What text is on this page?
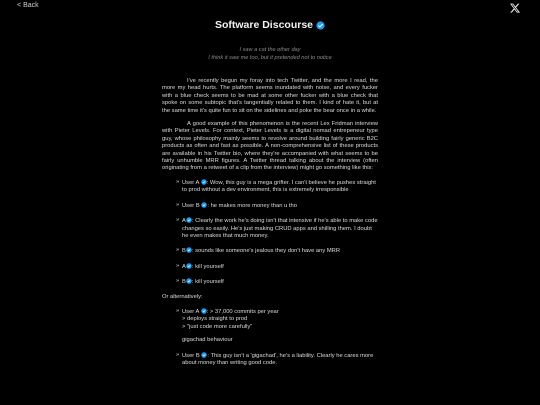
< Back
Software Discourse
I saw a cat the other day
I think it saw me too, but it pretended not to notice

I've recently begun my foray into tech Twitter, and the more I read, the more my head hurts. The platform seems inundated with noise, and every fucker with a blue check seems to be mad at some other fucker with a blue check that spoke on some subtopic that's tangentially related to them. I kind of hate it, but at the same time it's quite fun to sit on the sidelines and poke the bear once in a while.

A good example of this phenomenon is the recent Lex Fridman interview with Pieter Levels. For context, Pieter Levels is a digital nomad entrepeneur type guy, whose philosophy mainly seems to revolve around building fairly generic B2C products as often and fast as possible. A non-comprehensive list of these products are available in his Twitter bio, where they're accompanied with what seems to be fairly unhumble MRR figures. A Twitter thread talking about the interview (often originating from a retweet of a clip from the interview) might go something like this:

» User A : Wow, this guy is a mega grifter. I can't believe he pushes straight to prod without a dev environment, this is extremely irresponsible
» User B : he makes more money than u tho
» A : Clearly the work he's doing isn't that intensive if he's able to make code changes so easily. He's just making CRUD apps and shilling them. I doubt he even makes that much money.
» B : sounds like someone's jealous they don't have any MRR
» A : kill yourself
» B : kill yourself

Or alternatively:

» User A : > 37,000 commits per year
> deploys straight to prod
> "just code more carefully"
gigachad behaviour
» User B : This guy isn't a 'gigachad', he's a liability. Clearly he cares more about money than writing good code.
